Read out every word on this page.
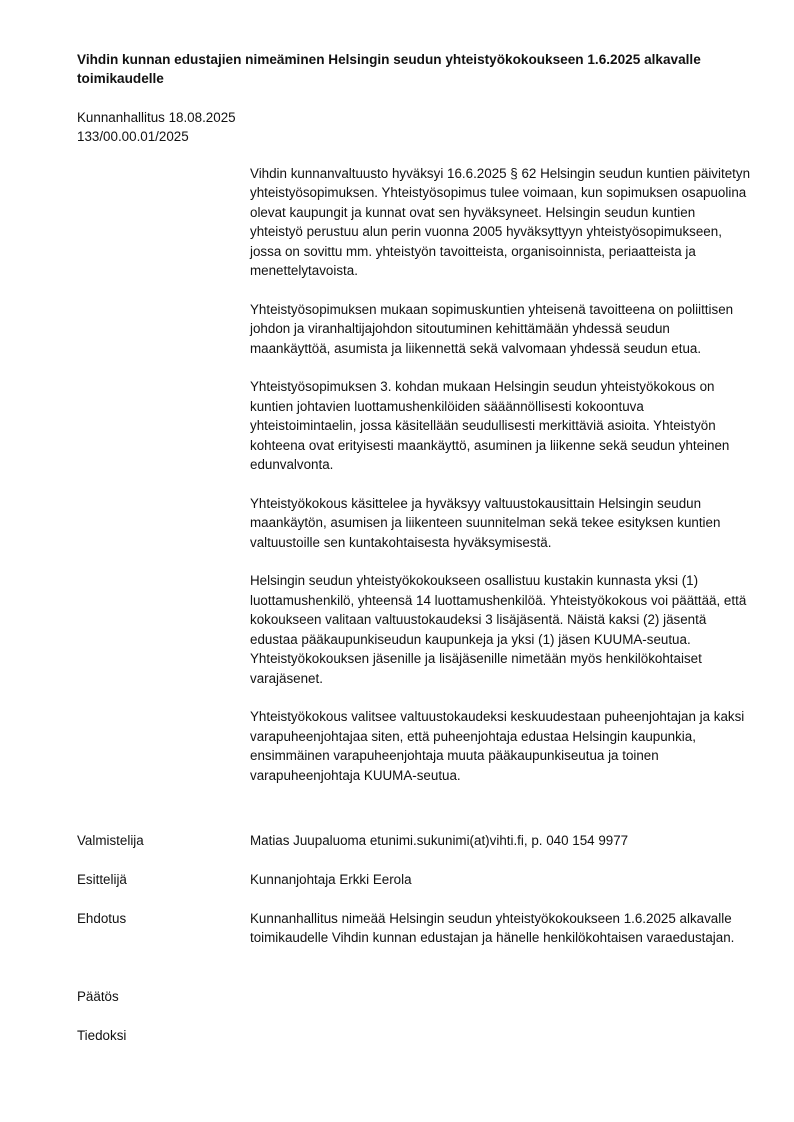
Vihdin kunnan edustajien nimeäminen Helsingin seudun yhteistyökokoukseen 1.6.2025 alkavalle toimikaudelle
Kunnanhallitus 18.08.2025
133/00.00.01/2025

Vihdin kunnanvaltuusto hyväksyi 16.6.2025 § 62 Helsingin seudun kuntien päivitetyn yhteistyösopimuksen. Yhteistyösopimus tulee voimaan, kun sopimuksen osapuolina olevat kaupungit ja kunnat ovat sen hyväksyneet. Helsingin seudun kuntien yhteistyö perustuu alun perin vuonna 2005 hyväksyttyyn yhteistyösopimukseen, jossa on sovittu mm. yhteistyön tavoitteista, organisoinnista, periaatteista ja menettelytavoista.

Yhteistyösopimuksen mukaan sopimuskuntien yhteisenä tavoitteena on poliittisen johdon ja viranhaltijajohdon sitoutuminen kehittämään yhdessä seudun maankäyttöä, asumista ja liikennettä sekä valvomaan yhdessä seudun etua.

Yhteistyösopimuksen 3. kohdan mukaan Helsingin seudun yhteistyökokous on kuntien johtavien luottamushenkilöiden sääännöllisesti kokoontuva yhteistoimintaelin, jossa käsitellään seudullisesti merkittäviä asioita. Yhteistyön kohteena ovat erityisesti maankäyttö, asuminen ja liikenne sekä seudun yhteinen edunvalvonta.

Yhteistyökokous käsittelee ja hyväksyy valtuustokausittain Helsingin seudun maankäytön, asumisen ja liikenteen suunnitelman sekä tekee esityksen kuntien valtuustoille sen kuntakohtaisesta hyväksymisestä.

Helsingin seudun yhteistyökokoukseen osallistuu kustakin kunnasta yksi (1) luottamushenkilö, yhteensä 14 luottamushenkilöä. Yhteistyökokous voi päättää, että kokoukseen valitaan valtuustokaudeksi 3 lisäjäsentä. Näistä kaksi (2) jäsentä edustaa pääkaupunkiseudun kaupunkeja ja yksi (1) jäsen KUUMA-seutua. Yhteistyökokouksen jäsenille ja lisäjäsenille nimetään myös henkilökohtaiset varajäsenet.

Yhteistyökokous valitsee valtuustokaudeksi keskuudestaan puheenjohtajan ja kaksi varapuheenjohtajaa siten, että puheenjohtaja edustaa Helsingin kaupunkia, ensimmäinen varapuheenjohtaja muuta pääkaupunkiseutua ja toinen varapuheenjohtaja KUUMA-seutua.

Valmistelija	Matias Juupaluoma etunimi.sukunimi(at)vihti.fi, p. 040 154 9977
Esittelijä	Kunnanjohtaja Erkki Eerola
Ehdotus	Kunnanhallitus nimeää Helsingin seudun yhteistyökokoukseen 1.6.2025 alkavalle toimikaudelle Vihdin kunnan edustajan ja hänelle henkilökohtaisen varaedustajan.
Päätös
Tiedoksi
